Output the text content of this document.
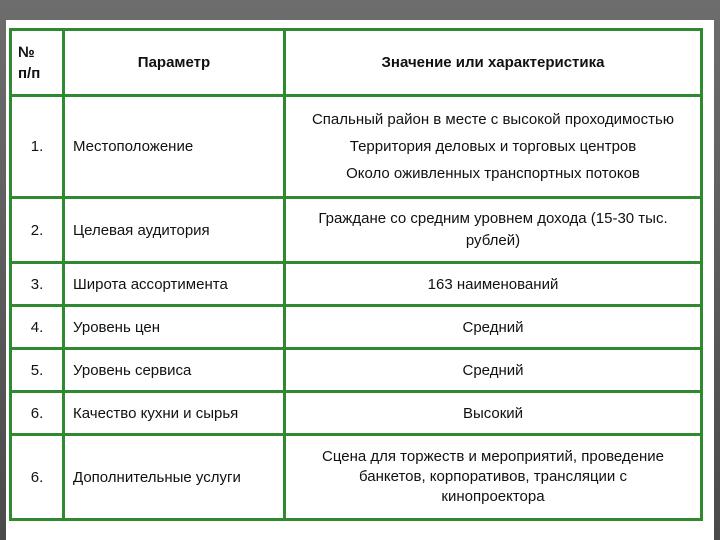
№
п/п	Параметр	Значение или характеристика
1.	Местоположение	Спальный район в месте с высокой проходимостью
Территория деловых и торговых центров
Около оживленных транспортных потоков

2.	Целевая аудитория	Граждане со средним уровнем дохода (15-30 тыс.
рублей)

3.	Широта ассортимента	163 наименований
4.	Уровень цен	Средний
5.	Уровень сервиса	Средний
6.	Качество кухни и сырья	Высокий
6.	Дополнительные услуги	Сцена для торжеств и мероприятий, проведение
банкетов, корпоративов, трансляции с
кинопроектора
